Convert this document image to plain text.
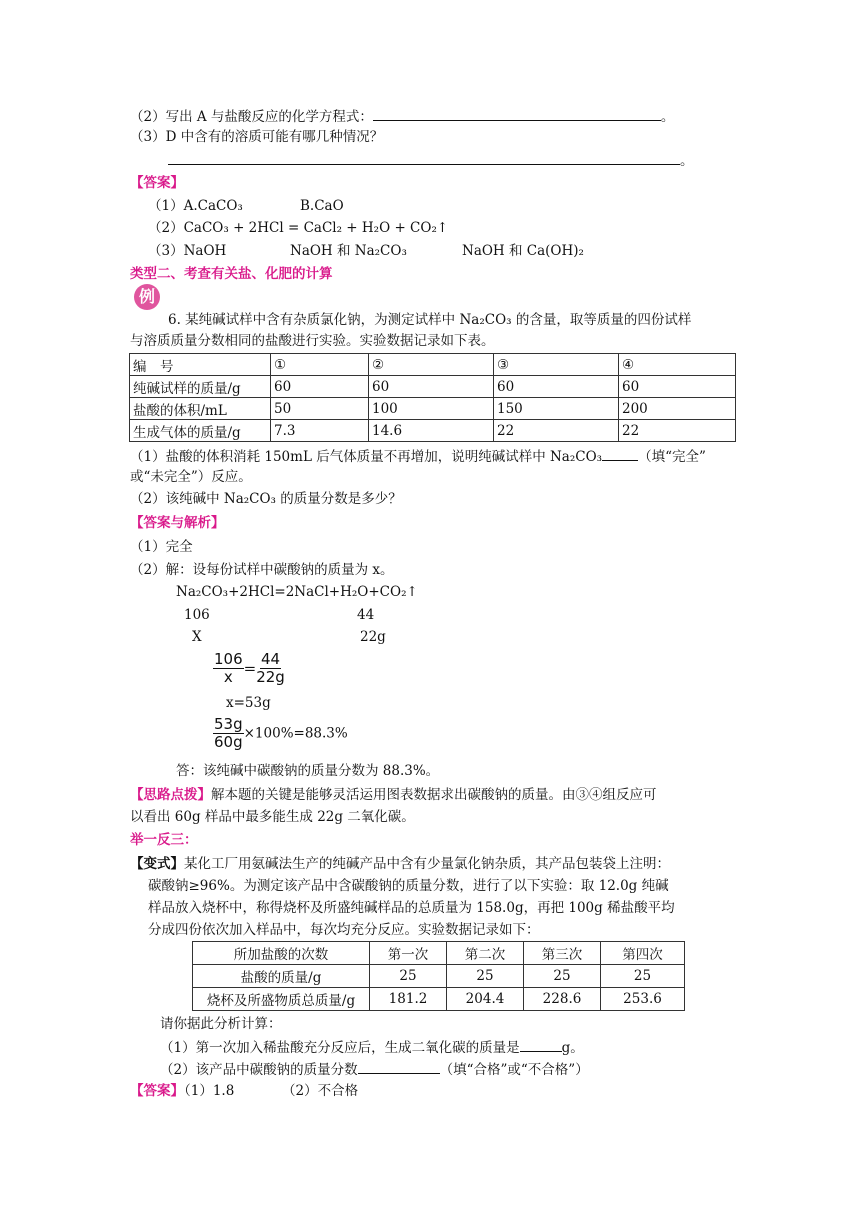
（2）写出 A 与盐酸反应的化学方程式：	。
（3）D 中含有的溶质可能有哪几种情况？
。
【答案】
（1）A.CaCO₃	B.CaO
（2）CaCO₃ + 2HCl = CaCl₂ + H₂O + CO₂↑
（3）NaOH	NaOH 和 Na₂CO₃	NaOH 和 Ca(OH)₂
类型二、考查有关盐、化肥的计算
例
6. 某纯碱试样中含有杂质氯化钠，为测定试样中 Na₂CO₃ 的含量，取等质量的四份试样
与溶质质量分数相同的盐酸进行实验。实验数据记录如下表。
编　号	①	②	③	④
纯碱试样的质量/g	60	60	60	60
盐酸的体积/mL	50	100	150	200
生成气体的质量/g	7.3	14.6	22	22
（1）盐酸的体积消耗 150mL 后气体质量不再增加，说明纯碱试样中 Na₂CO₃	（填“完全”
或“未完全”）反应。
（2）该纯碱中 Na₂CO₃ 的质量分数是多少？
【答案与解析】
（1）完全
（2）解：设每份试样中碳酸钠的质量为 x。
Na₂CO₃+2HCl=2NaCl+H₂O+CO₂↑
106	44
X	22g
$\frac{106}{x} = \frac{44}{22g}$
x=53g
$\frac{53g}{60g} \times 100\%=88.3\%$
答：该纯碱中碳酸钠的质量分数为 88.3%。
【思路点拨】解本题的关键是能够灵活运用图表数据求出碳酸钠的质量。由③④组反应可
以看出 60g 样品中最多能生成 22g 二氧化碳。
举一反三：
【变式】某化工厂用氨碱法生产的纯碱产品中含有少量氯化钠杂质，其产品包装袋上注明：
碳酸钠≥96%。为测定该产品中含碳酸钠的质量分数，进行了以下实验：取 12.0g 纯碱
样品放入烧杯中，称得烧杯及所盛纯碱样品的总质量为 158.0g，再把 100g 稀盐酸平均
分成四份依次加入样品中，每次均充分反应。实验数据记录如下：
所加盐酸的次数	第一次	第二次	第三次	第四次
盐酸的质量/g	25	25	25	25
烧杯及所盛物质总质量/g	181.2	204.4	228.6	253.6
请你据此分析计算：
（1）第一次加入稀盐酸充分反应后，生成二氧化碳的质量是	g。
（2）该产品中碳酸钠的质量分数	（填“合格”或“不合格”）
【答案】（1）1.8	（2）不合格
